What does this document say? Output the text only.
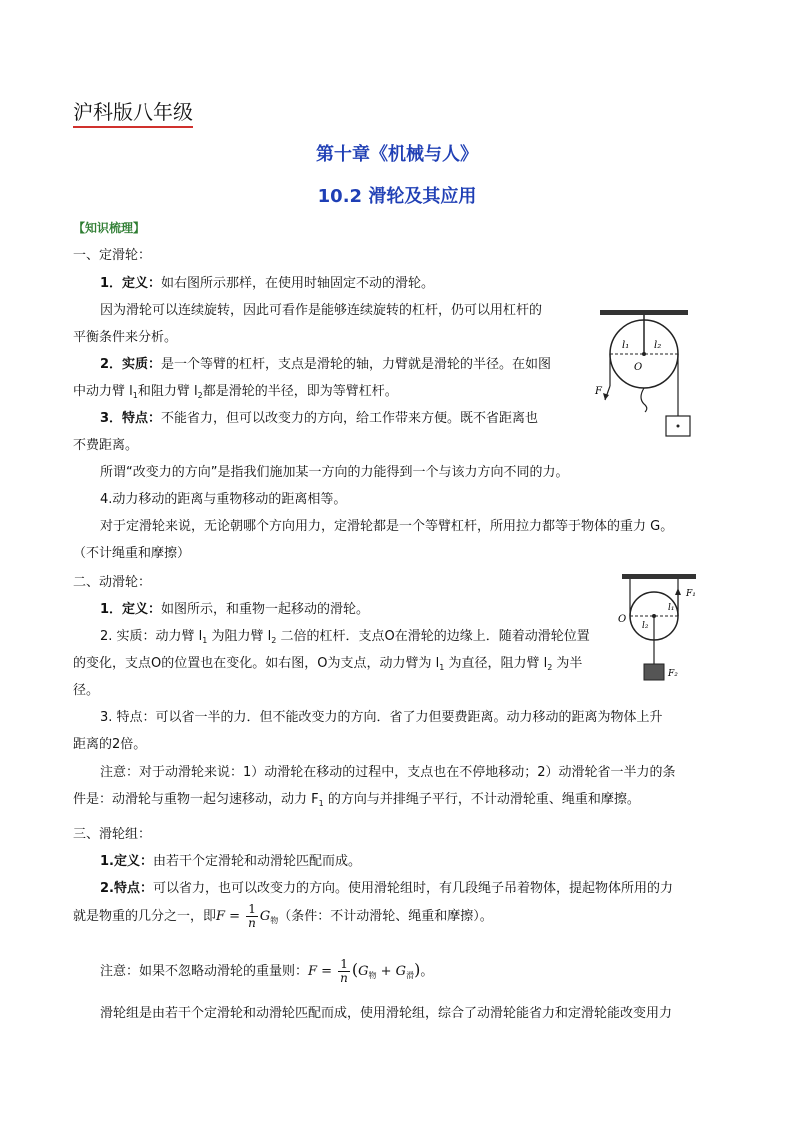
沪科版八年级
第十章《机械与人》
10.2 滑轮及其应用
【知识梳理】
一、定滑轮：
1．定义：如右图所示那样，在使用时轴固定不动的滑轮。
因为滑轮可以连续旋转，因此可看作是能够连续旋转的杠杆，仍可以用杠杆的
平衡条件来分析。
2．实质：是一个等臂的杠杆，支点是滑轮的轴，力臂就是滑轮的半径。在如图
中动力臂 $l_1$和阻力臂 $l_2$都是滑轮的半径，即为等臂杠杆。
3．特点：不能省力，但可以改变力的方向，给工作带来方便。既不省距离也
不费距离。
所谓“改变力的方向”是指我们施加某一方向的力能得到一个与该力方向不同的力。
4.动力移动的距离与重物移动的距离相等。
对于定滑轮来说，无论朝哪个方向用力，定滑轮都是一个等臂杠杆，所用拉力都等于物体的重力 G。
（不计绳重和摩擦）
l₁ l₂
O
F
二、动滑轮：
1．定义：如图所示，和重物一起移动的滑轮。
2. 实质：动力臂 $l_1$ 为阻力臂 $l_2$ 二倍的杠杆．支点O在滑轮的边缘上．随着动滑轮位置
的变化，支点O的位置也在变化。如右图，O为支点，动力臂为 $l_1$ 为直径，阻力臂 $l_2$ 为半
径。
3. 特点：可以省一半的力．但不能改变力的方向．省了力但要费距离。动力移动的距离为物体上升
距离的2倍。
注意：对于动滑轮来说：1）动滑轮在移动的过程中，支点也在不停地移动；2）动滑轮省一半力的条
件是：动滑轮与重物一起匀速移动，动力 $F_1$ 的方向与并排绳子平行，不计动滑轮重、绳重和摩擦。
F₁
l₁
l₂
O
F₂
三、滑轮组：
1.定义：由若干个定滑轮和动滑轮匹配而成。
2.特点：可以省力，也可以改变力的方向。使用滑轮组时，有几段绳子吊着物体，提起物体所用的力
就是物重的几分之一，即$F = \frac{1}{n} G_物$（条件：不计动滑轮、绳重和摩擦）。
注意：如果不忽略动滑轮的重量则：$F = \frac{1}{n} (G_物 + G_滑)$。
滑轮组是由若干个定滑轮和动滑轮匹配而成，使用滑轮组，综合了动滑轮能省力和定滑轮能改变用力
